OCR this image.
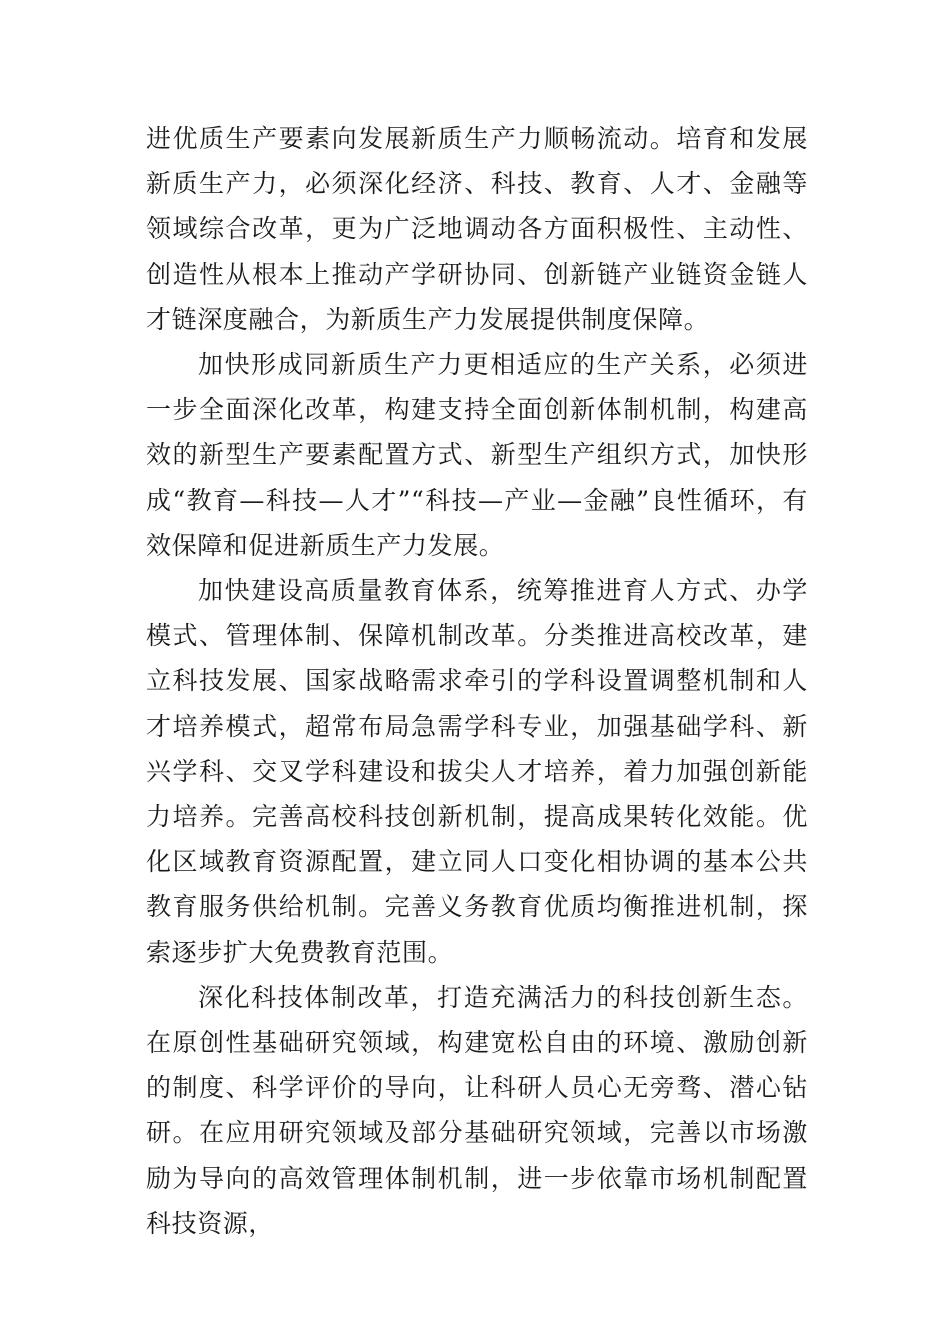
进优质生产要素向发展新质生产力顺畅流动。培育和发展新质生产力，必须深化经济、科技、教育、人才、金融等领域综合改革，更为广泛地调动各方面积极性、主动性、创造性从根本上推动产学研协同、创新链产业链资金链人才链深度融合，为新质生产力发展提供制度保障。

加快形成同新质生产力更相适应的生产关系，必须进一步全面深化改革，构建支持全面创新体制机制，构建高效的新型生产要素配置方式、新型生产组织方式，加快形成“教育—科技—人才”“科技—产业—金融”良性循环，有效保障和促进新质生产力发展。

加快建设高质量教育体系，统筹推进育人方式、办学模式、管理体制、保障机制改革。分类推进高校改革，建立科技发展、国家战略需求牵引的学科设置调整机制和人才培养模式，超常布局急需学科专业，加强基础学科、新兴学科、交叉学科建设和拔尖人才培养，着力加强创新能力培养。完善高校科技创新机制，提高成果转化效能。优化区域教育资源配置，建立同人口变化相协调的基本公共教育服务供给机制。完善义务教育优质均衡推进机制，探索逐步扩大免费教育范围。

深化科技体制改革，打造充满活力的科技创新生态。在原创性基础研究领域，构建宽松自由的环境、激励创新的制度、科学评价的导向，让科研人员心无旁骛、潜心钻研。在应用研究领域及部分基础研究领域，完善以市场激励为导向的高效管理体制机制，进一步依靠市场机制配置科技资源，
